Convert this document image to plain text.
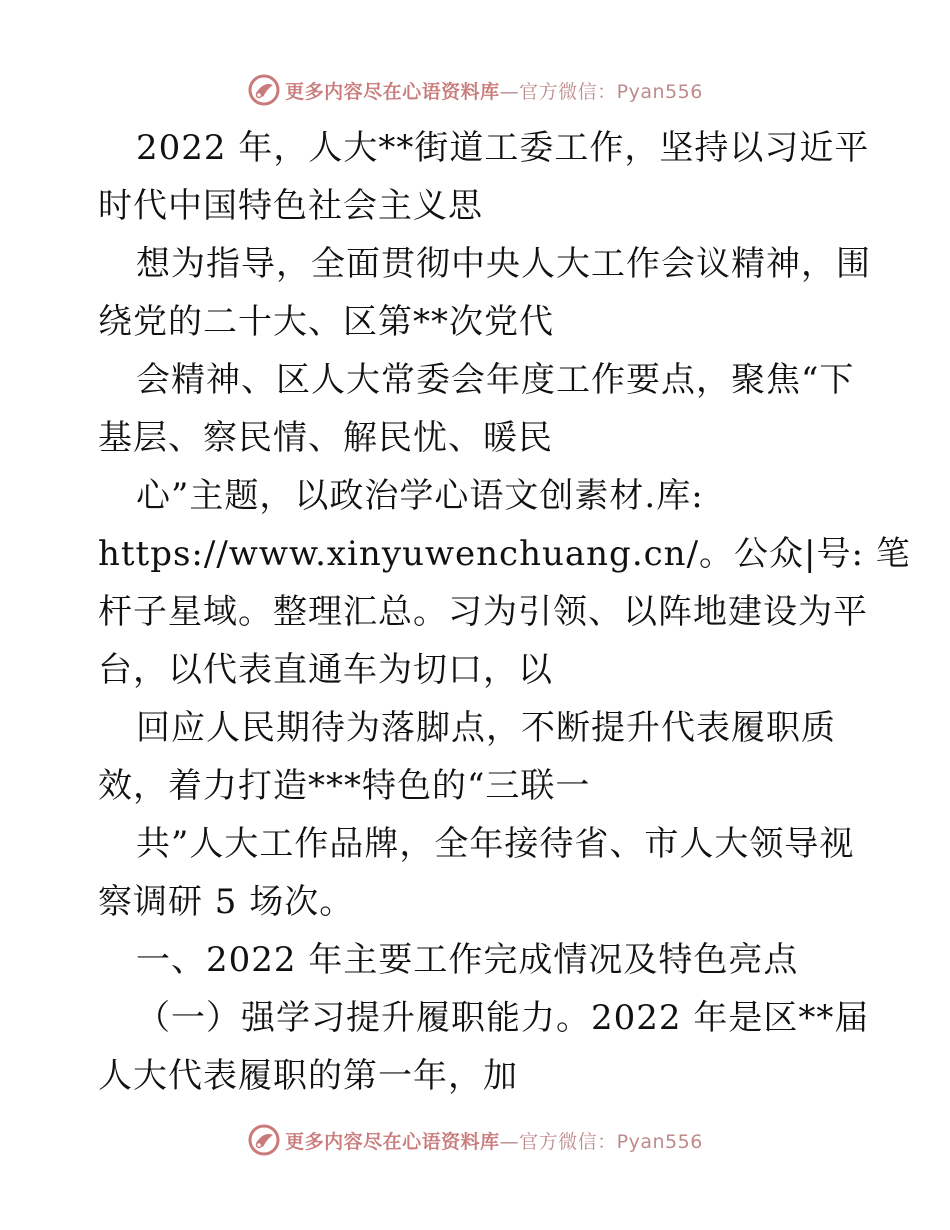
更多内容尽在心语资料库—官方微信：Pyan556
2022 年，人大**街道工委工作，坚持以习近平
时代中国特色社会主义思
想为指导，全面贯彻中央人大工作会议精神，围
绕党的二十大、区第**次党代
会精神、区人大常委会年度工作要点，聚焦“下
基层、察民情、解民忧、暖民
心”主题，以政治学心语文创素材.库:
https://www.xinyuwenchuang.cn/。公众|号: 笔
杆子星域。整理汇总。习为引领、以阵地建设为平
台，以代表直通车为切口，以
回应人民期待为落脚点，不断提升代表履职质
效，着力打造***特色的“三联一
共”人大工作品牌，全年接待省、市人大领导视
察调研 5 场次。
一、2022 年主要工作完成情况及特色亮点
（一）强学习提升履职能力。2022 年是区**届
人大代表履职的第一年，加
更多内容尽在心语资料库—官方微信：Pyan556
